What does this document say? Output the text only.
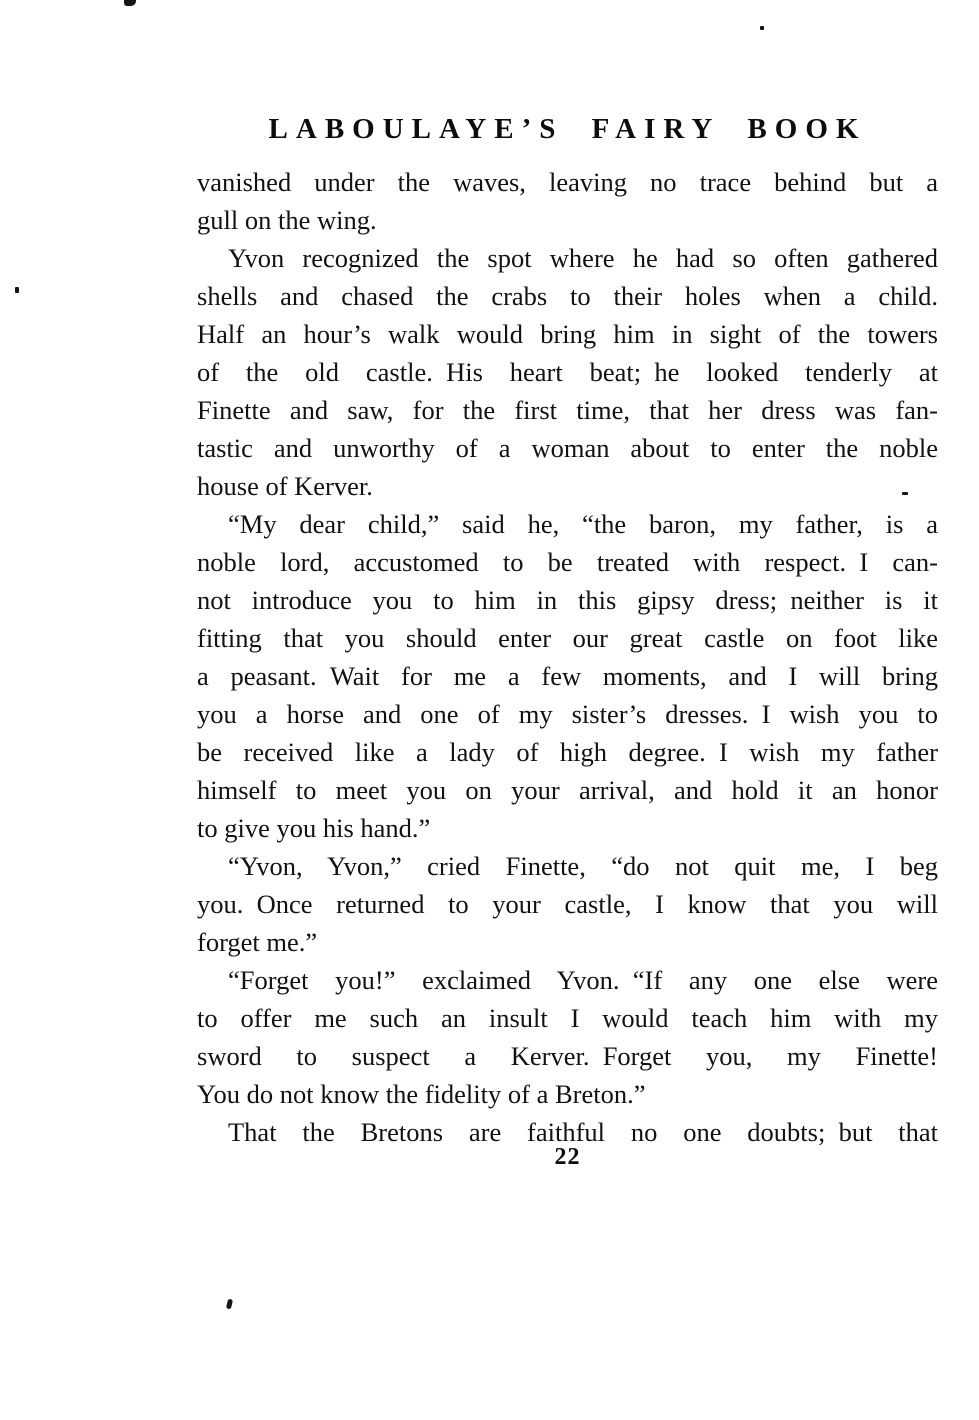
LABOULAYE’S FAIRY BOOK
vanished under the waves, leaving no trace behind but a
gull on the wing.
Yvon recognized the spot where he had so often gathered
shells and chased the crabs to their holes when a child.
Half an hour’s walk would bring him in sight of the towers
of the old castle. His heart beat; he looked tenderly at
Finette and saw, for the first time, that her dress was fan-
tastic and unworthy of a woman about to enter the noble
house of Kerver.
“My dear child,” said he, “the baron, my father, is a
noble lord, accustomed to be treated with respect. I can-
not introduce you to him in this gipsy dress; neither is it
fitting that you should enter our great castle on foot like
a peasant. Wait for me a few moments, and I will bring
you a horse and one of my sister’s dresses. I wish you to
be received like a lady of high degree. I wish my father
himself to meet you on your arrival, and hold it an honor
to give you his hand.”
“Yvon, Yvon,” cried Finette, “do not quit me, I beg
you. Once returned to your castle, I know that you will
forget me.”
“Forget you!” exclaimed Yvon. “If any one else were
to offer me such an insult I would teach him with my
sword to suspect a Kerver. Forget you, my Finette!
You do not know the fidelity of a Breton.”
That the Bretons are faithful no one doubts; but that
22
